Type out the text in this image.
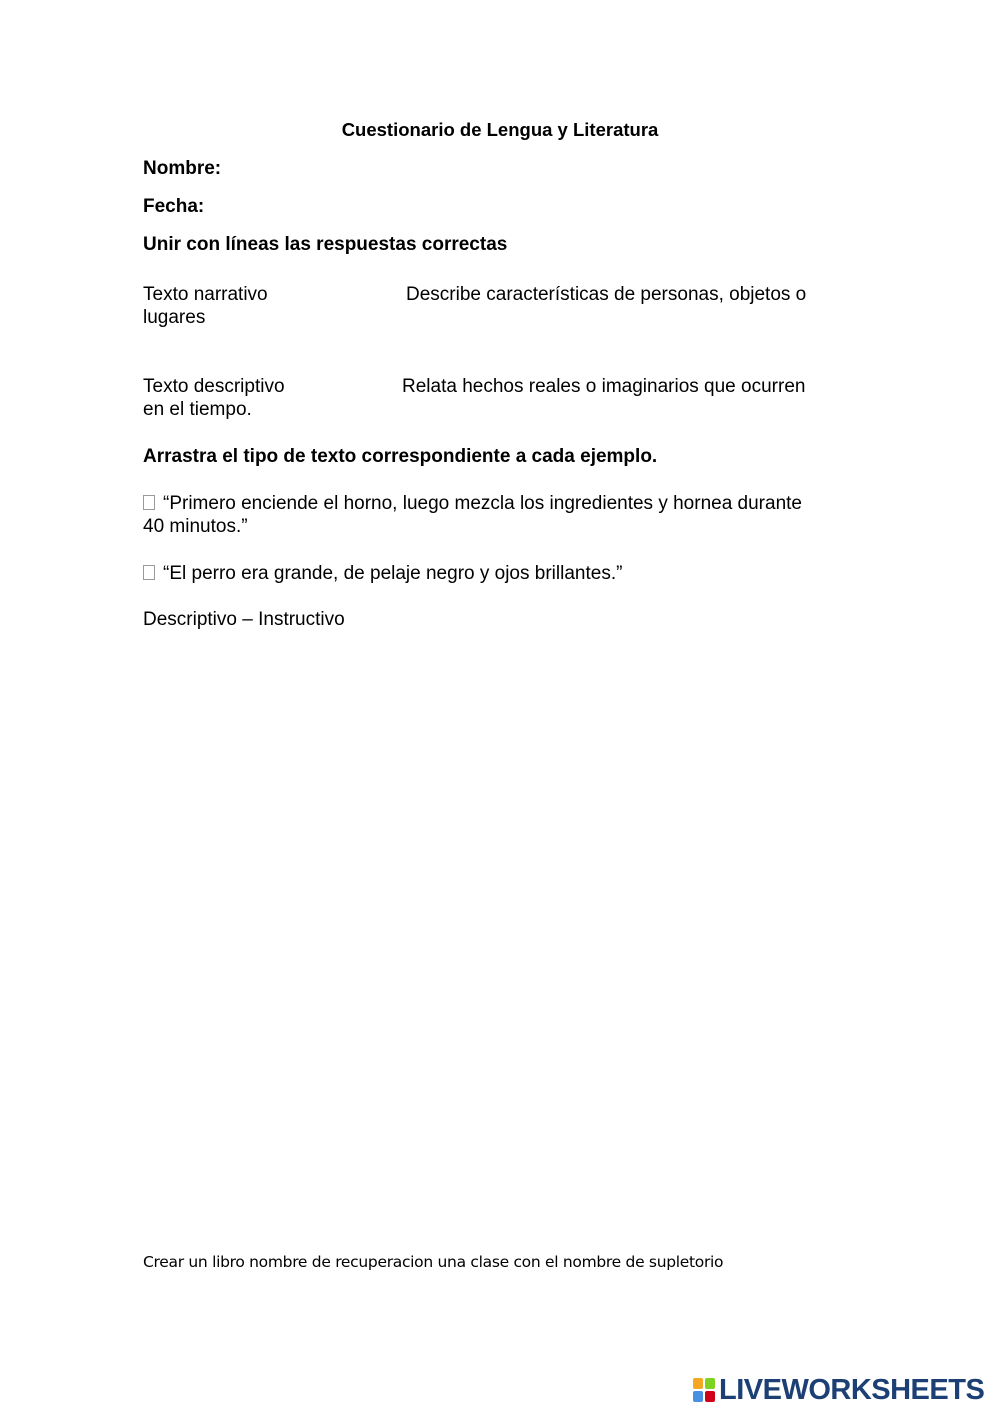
Cuestionario de Lengua y Literatura
Nombre:
Fecha:
Unir con líneas las respuestas correctas
Texto narrativo	Describe características de personas, objetos o
lugares
Texto descriptivo	Relata hechos reales o imaginarios que ocurren
en el tiempo.
Arrastra el tipo de texto correspondiente a cada ejemplo.
“Primero enciende el horno, luego mezcla los ingredientes y hornea durante
40 minutos.”
“El perro era grande, de pelaje negro y ojos brillantes.”
Descriptivo – Instructivo
Crear un libro nombre de recuperacion una clase con el nombre de supletorio
LIVEWORKSHEETS
